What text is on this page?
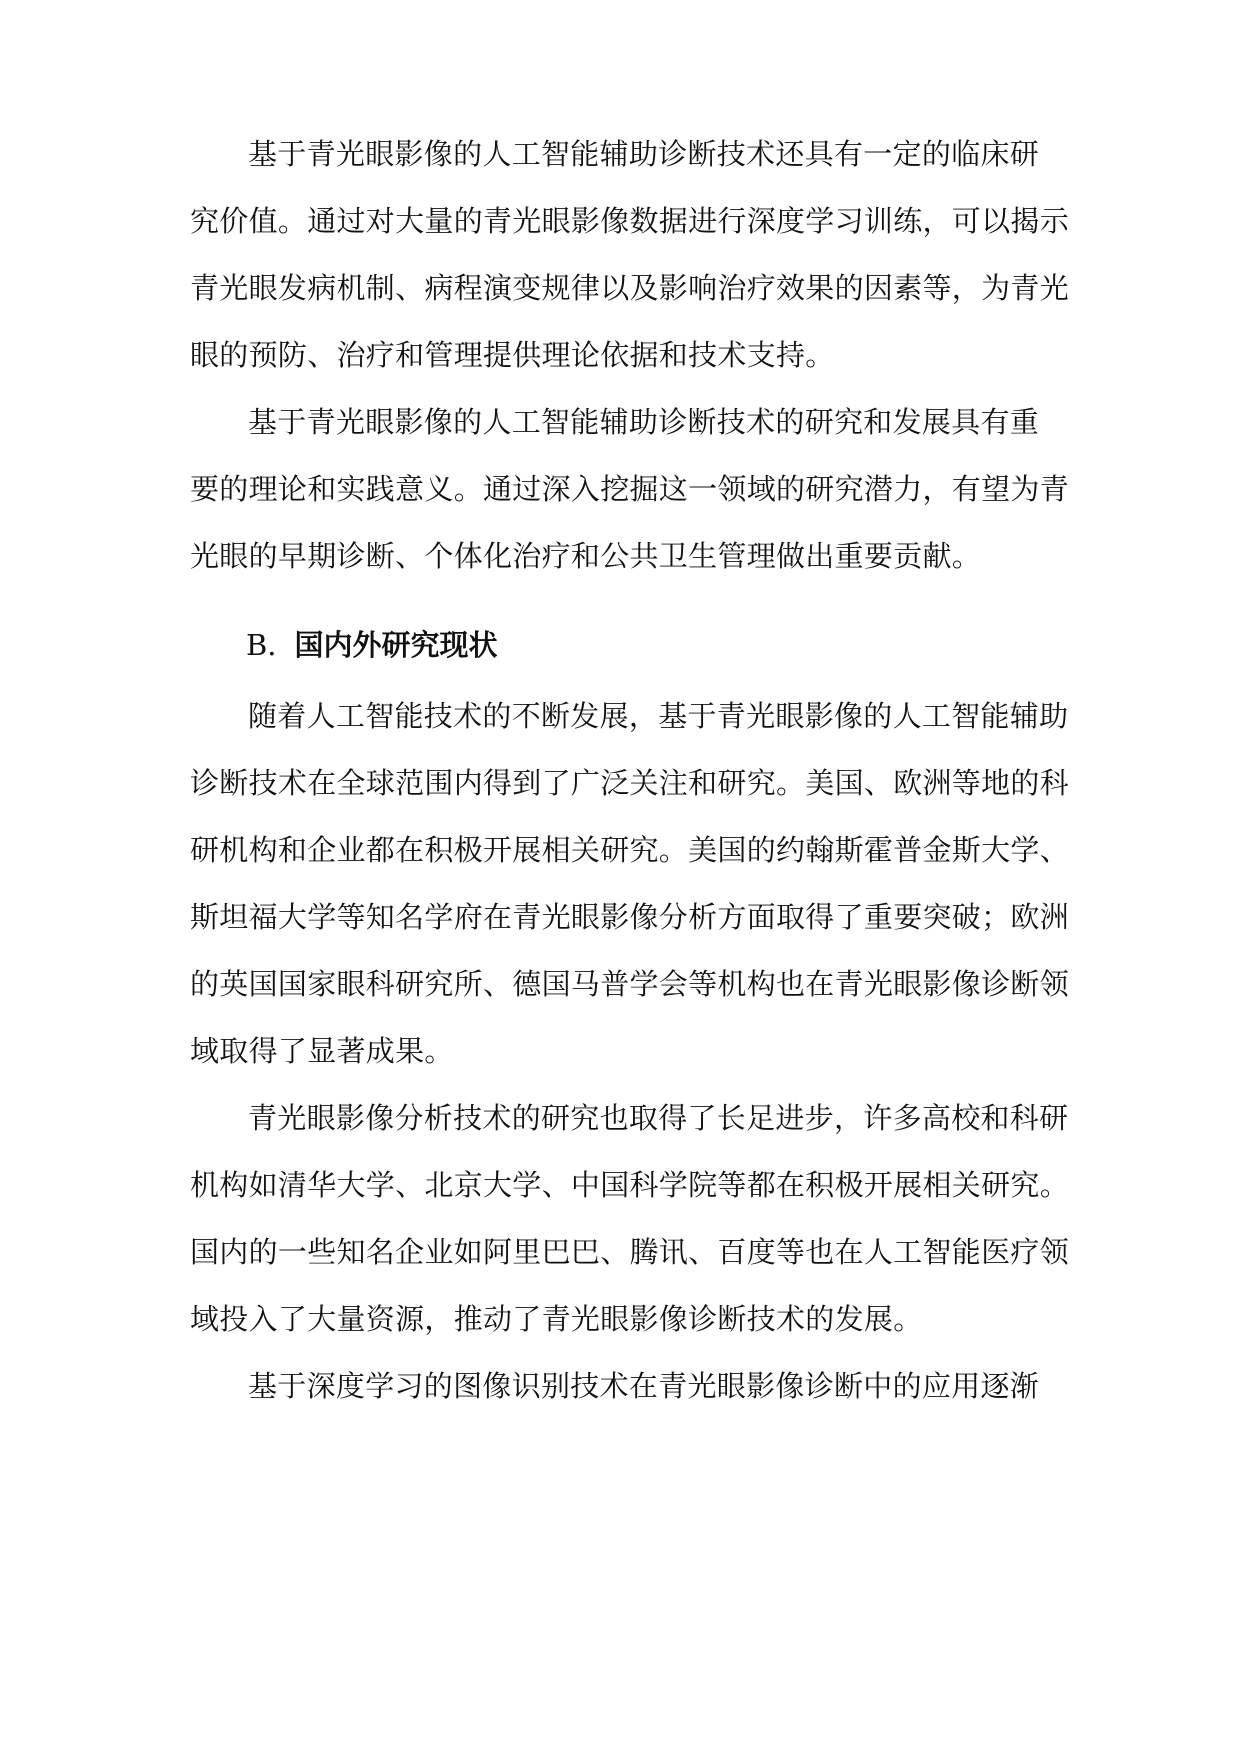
基于青光眼影像的人工智能辅助诊断技术还具有一定的临床研

究价值。通过对大量的青光眼影像数据进行深度学习训练，可以揭示

青光眼发病机制、病程演变规律以及影响治疗效果的因素等，为青光

眼的预防、治疗和管理提供理论依据和技术支持。

基于青光眼影像的人工智能辅助诊断技术的研究和发展具有重

要的理论和实践意义。通过深入挖掘这一领域的研究潜力，有望为青

光眼的早期诊断、个体化治疗和公共卫生管理做出重要贡献。

B. 国内外研究现状

随着人工智能技术的不断发展，基于青光眼影像的人工智能辅助

诊断技术在全球范围内得到了广泛关注和研究。美国、欧洲等地的科

研机构和企业都在积极开展相关研究。美国的约翰斯霍普金斯大学、

斯坦福大学等知名学府在青光眼影像分析方面取得了重要突破；欧洲

的英国国家眼科研究所、德国马普学会等机构也在青光眼影像诊断领

域取得了显著成果。

青光眼影像分析技术的研究也取得了长足进步，许多高校和科研

机构如清华大学、北京大学、中国科学院等都在积极开展相关研究。

国内的一些知名企业如阿里巴巴、腾讯、百度等也在人工智能医疗领

域投入了大量资源，推动了青光眼影像诊断技术的发展。

基于深度学习的图像识别技术在青光眼影像诊断中的应用逐渐
